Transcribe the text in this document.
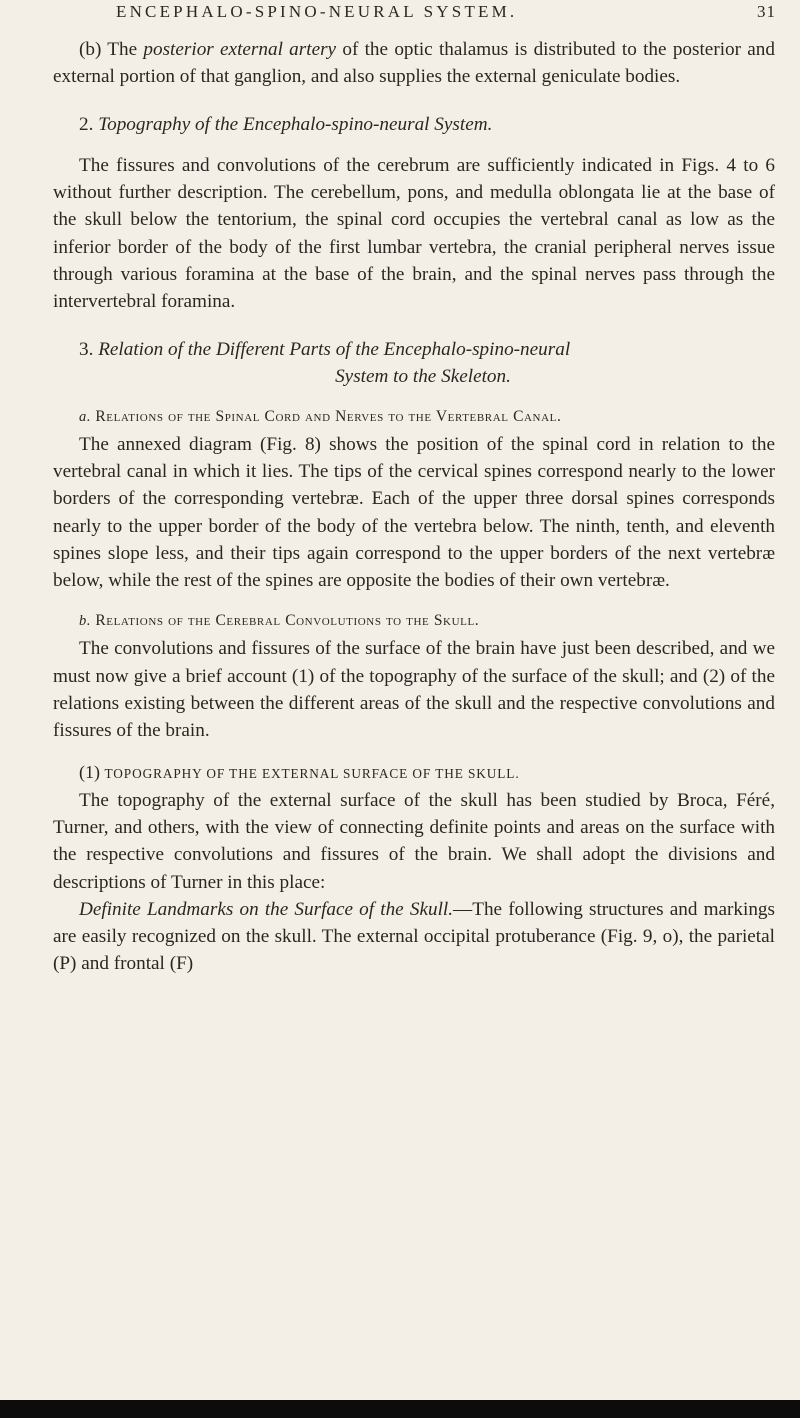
ENCEPHALO-SPINO-NEURAL SYSTEM.	31

(b) The posterior external artery of the optic thalamus is distributed to the posterior and external portion of that ganglion, and also supplies the external geniculate bodies.

2. Topography of the Encephalo-spino-neural System.

The fissures and convolutions of the cerebrum are sufficiently indicated in Figs. 4 to 6 without further description. The cerebellum, pons, and medulla oblongata lie at the base of the skull below the tentorium, the spinal cord occupies the vertebral canal as low as the inferior border of the body of the first lumbar vertebra, the cranial peripheral nerves issue through various foramina at the base of the brain, and the spinal nerves pass through the intervertebral foramina.

3. Relation of the Different Parts of the Encephalo-spino-neural
System to the Skeleton.
a. Relations of the Spinal Cord and Nerves to the Vertebral Canal.

The annexed diagram (Fig. 8) shows the position of the spinal cord in relation to the vertebral canal in which it lies. The tips of the cervical spines correspond nearly to the lower borders of the corresponding vertebræ. Each of the upper three dorsal spines corresponds nearly to the upper border of the body of the vertebra below. The ninth, tenth, and eleventh spines slope less, and their tips again correspond to the upper borders of the next vertebræ below, while the rest of the spines are opposite the bodies of their own vertebræ.

b. Relations of the Cerebral Convolutions to the Skull.

The convolutions and fissures of the surface of the brain have just been described, and we must now give a brief account (1) of the topography of the surface of the skull; and (2) of the relations existing between the different areas of the skull and the respective convolutions and fissures of the brain.

(1) TOPOGRAPHY OF THE EXTERNAL SURFACE OF THE SKULL.

The topography of the external surface of the skull has been studied by Broca, Féré, Turner, and others, with the view of connecting definite points and areas on the surface with the respective convolutions and fissures of the brain. We shall adopt the divisions and descriptions of Turner in this place:

Definite Landmarks on the Surface of the Skull.—The following structures and markings are easily recognized on the skull. The external occipital protuberance (Fig. 9, o), the parietal (P) and frontal (F)
